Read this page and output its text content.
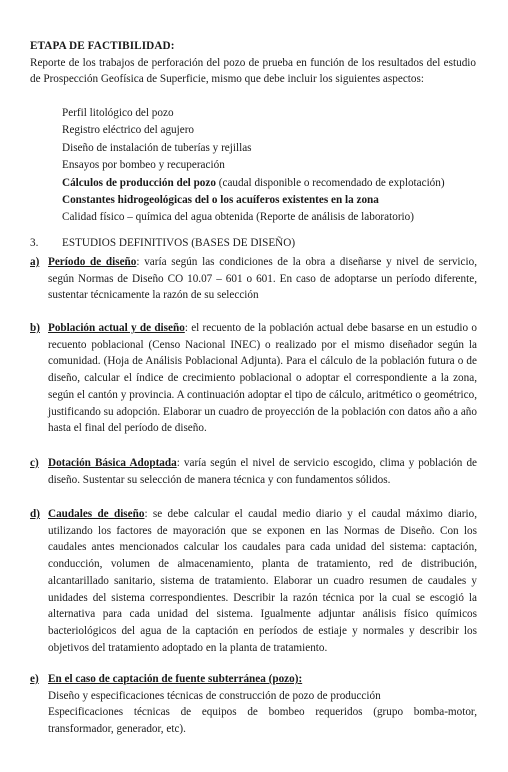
ETAPA DE FACTIBILIDAD:
Reporte de los trabajos de perforación del pozo de prueba en función de los resultados del estudio de Prospección Geofísica de Superficie, mismo que debe incluir los siguientes aspectos:
Perfil litológico del pozo
Registro eléctrico del agujero
Diseño de instalación de tuberías y rejillas
Ensayos por bombeo y recuperación
Cálculos de producción del pozo (caudal disponible o recomendado de explotación)
Constantes hidrogeológicas del o los acuíferos existentes en la zona
Calidad físico – química del agua obtenida (Reporte de análisis de laboratorio)
3. ESTUDIOS DEFINITIVOS (BASES DE DISEÑO)
a) Período de diseño: varía según las condiciones de la obra a diseñarse y nivel de servicio, según Normas de Diseño CO 10.07 – 601 o 601. En caso de adoptarse un período diferente, sustentar técnicamente la razón de su selección
b) Población actual y de diseño: el recuento de la población actual debe basarse en un estudio o recuento poblacional (Censo Nacional INEC) o realizado por el mismo diseñador según la comunidad. (Hoja de Análisis Poblacional Adjunta). Para el cálculo de la población futura o de diseño, calcular el índice de crecimiento poblacional o adoptar el correspondiente a la zona, según el cantón y provincia. A continuación adoptar el tipo de cálculo, aritmético o geométrico, justificando su adopción. Elaborar un cuadro de proyección de la población con datos año a año hasta el final del período de diseño.
c) Dotación Básica Adoptada: varía según el nivel de servicio escogido, clima y población de diseño. Sustentar su selección de manera técnica y con fundamentos sólidos.
d) Caudales de diseño: se debe calcular el caudal medio diario y el caudal máximo diario, utilizando los factores de mayoración que se exponen en las Normas de Diseño. Con los caudales antes mencionados calcular los caudales para cada unidad del sistema: captación, conducción, volumen de almacenamiento, planta de tratamiento, red de distribución, alcantarillado sanitario, sistema de tratamiento. Elaborar un cuadro resumen de caudales y unidades del sistema correspondientes. Describir la razón técnica por la cual se escogió la alternativa para cada unidad del sistema. Igualmente adjuntar análisis físico químicos bacteriológicos del agua de la captación en períodos de estiaje y normales y describir los objetivos del tratamiento adoptado en la planta de tratamiento.
e) En el caso de captación de fuente subterránea (pozo):
Diseño y especificaciones técnicas de construcción de pozo de producción
Especificaciones técnicas de equipos de bombeo requeridos (grupo bomba-motor, transformador, generador, etc).
